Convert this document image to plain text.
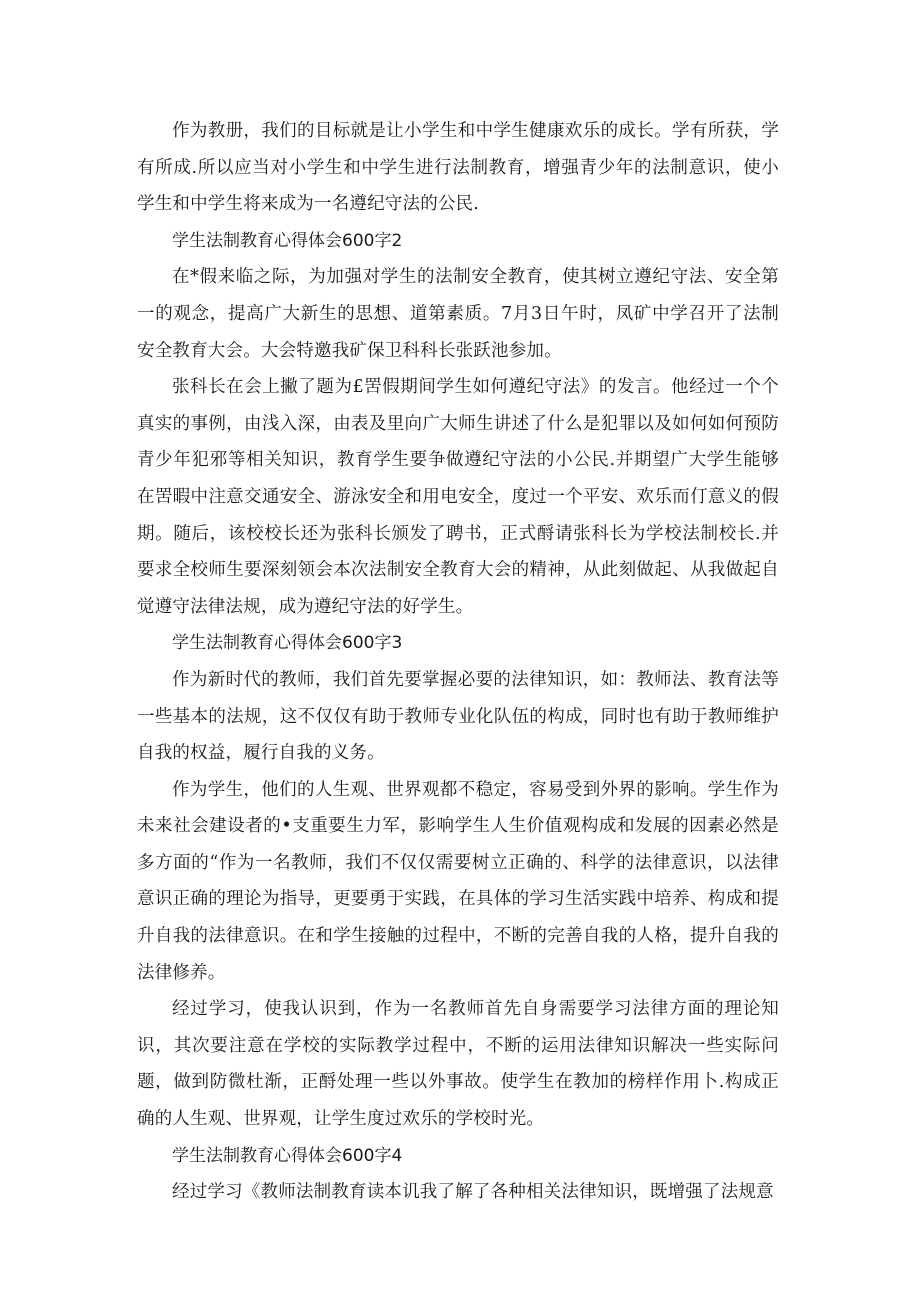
作为教册，我们的目标就是让小学生和中学生健康欢乐的成长。学有所获，学有所成.所以应当对小学生和中学生进行法制教育，增强青少年的法制意识，使小学生和中学生将来成为一名遵纪守法的公民.

学生法制教育心得体会600字2

在*假来临之际，为加强对学生的法制安全教育，使其树立遵纪守法、安全第一的观念，提高广大新生的思想、道第素质。7月3日午时，凤矿中学召开了法制安全教育大会。大会特邀我矿保卫科科长张跃池参加。

张科长在会上撇了题为£罟假期间学生如何遵纪守法》的发言。他经过一个个真实的事例，由浅入深，由表及里向广大师生讲述了什么是犯罪以及如何如何预防青少年犯邪等相关知识，教育学生要争做遵纪守法的小公民.并期望广大学生能够在罟暇中注意交通安全、游泳安全和用电安全，度过一个平安、欢乐而仃意义的假期。随后，该校校长还为张科长颁发了聘书，正式酹请张科长为学校法制校长.并要求全校师生要深刻领会本次法制安全教育大会的精神，从此刻做起、从我做起自觉遵守法律法规，成为遵纪守法的好学生。

学生法制教育心得体会600字3

作为新时代的教师，我们首先要掌握必要的法律知识，如：教师法、教育法等一些基本的法规，这不仅仅有助于教师专业化队伍的构成，同时也有助于教师维护自我的权益，履行自我的义务。

作为学生，他们的人生观、世界观都不稳定，容易受到外界的影响。学生作为未来社会建设者的•支重要生力军，影响学生人生价值观构成和发展的因素必然是多方面的“作为一名教师，我们不仅仅需要树立正确的、科学的法律意识，以法律意识正确的理论为指导，更要勇于实践，在具体的学习生活实践中培养、构成和提升自我的法律意识。在和学生接触的过程中，不断的完善自我的人格，提升自我的法律修养。

经过学习，使我认识到，作为一名教师首先自身需要学习法律方面的理论知识，其次要注意在学校的实际教学过程中，不断的运用法律知识解决一些实际问题，做到防微杜渐，正酹处理一些以外事故。使学生在教加的榜样作用卜.构成正确的人生观、世界观，让学生度过欢乐的学校时光。

学生法制教育心得体会600字4

经过学习《教师法制教育读本讥我了解了各种相关法律知识，既增强了法规意
